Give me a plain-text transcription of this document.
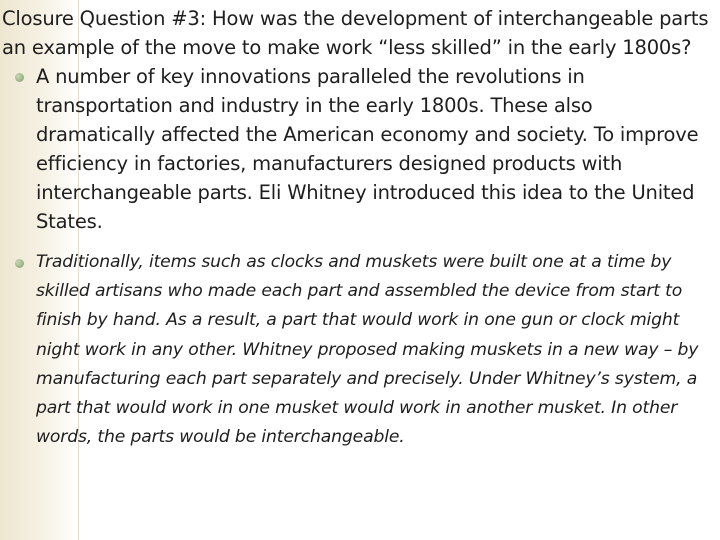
Closure Question #3: How was the development of interchangeable parts an example of the move to make work “less skilled” in the early 1800s?

A number of key innovations paralleled the revolutions in transportation and industry in the early 1800s. These also dramatically affected the American economy and society. To improve efficiency in factories, manufacturers designed products with interchangeable parts. Eli Whitney introduced this idea to the United States.
Traditionally, items such as clocks and muskets were built one at a time by skilled artisans who made each part and assembled the device from start to finish by hand. As a result, a part that would work in one gun or clock might night work in any other. Whitney proposed making muskets in a new way – by manufacturing each part separately and precisely. Under Whitney’s system, a part that would work in one musket would work in another musket. In other words, the parts would be interchangeable.
